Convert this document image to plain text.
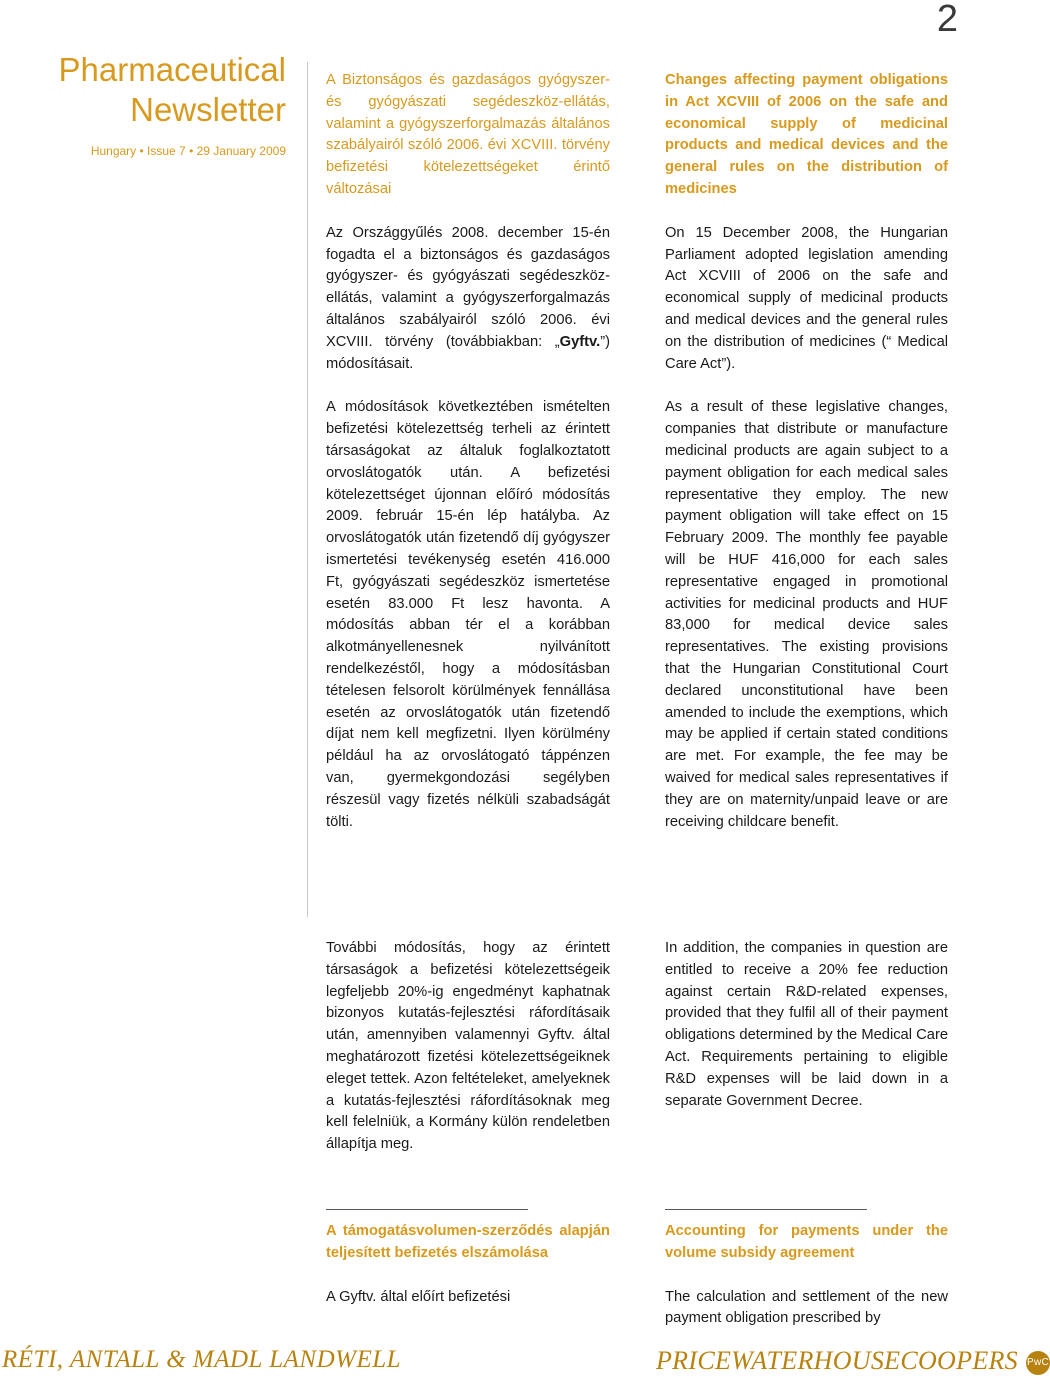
2
Pharmaceutical
Newsletter
Hungary • Issue 7 • 29 January 2009

A Biztonságos és gazdaságos gyógyszer- és gyógyászati segédeszköz-ellátás, valamint a gyógyszerforgalmazás általános szabályairól szóló 2006. évi XCVIII. törvény befizetési kötelezettségeket érintő változásai

Az Országgyűlés 2008. december 15-én fogadta el a biztonságos és gazdaságos gyógyszer- és gyógyászati segédeszköz-ellátás, valamint a gyógyszerforgalmazás általános szabályairól szóló 2006. évi XCVIII. törvény (továbbiakban: „Gyftv.”) módosításait.

A módosítások következtében ismételten befizetési kötelezettség terheli az érintett társaságokat az általuk foglalkoztatott orvoslátogatók után. A befizetési kötelezettséget újonnan előíró módosítás 2009. február 15-én lép hatályba. Az orvoslátogatók után fizetendő díj gyógyszer ismertetési tevékenység esetén 416.000 Ft, gyógyászati segédeszköz ismertetése esetén 83.000 Ft lesz havonta. A módosítás abban tér el a korábban alkotmányellenesnek nyilvánított rendelkezéstől, hogy a módosításban tételesen felsorolt körülmények fennállása esetén az orvoslátogatók után fizetendő díjat nem kell megfizetni. Ilyen körülmény például ha az orvoslátogató táppénzen van, gyermekgondozási segélyben részesül vagy fizetés nélküli szabadságát tölti.

További módosítás, hogy az érintett társaságok a befizetési kötelezettségeik legfeljebb 20%-ig engedményt kaphatnak bizonyos kutatás-fejlesztési ráfordításaik után, amennyiben valamennyi Gyftv. által meghatározott fizetési kötelezettségeiknek eleget tettek. Azon feltételeket, amelyeknek a kutatás-fejlesztési ráfordításoknak meg kell felelniük, a Kormány külön rendeletben állapítja meg.

A támogatásvolumen-szerződés alapján teljesített befizetés elszámolása

A Gyftv. által előírt befizetési

Changes affecting payment obligations in Act XCVIII of 2006 on the safe and economical supply of medicinal products and medical devices and the general rules on the distribution of medicines

On 15 December 2008, the Hungarian Parliament adopted legislation amending Act XCVIII of 2006 on the safe and economical supply of medicinal products and medical devices and the general rules on the distribution of medicines (“ Medical Care Act”).

As a result of these legislative changes, companies that distribute or manufacture medicinal products are again subject to a payment obligation for each medical sales representative they employ. The new payment obligation will take effect on 15 February 2009. The monthly fee payable will be HUF 416,000 for each sales representative engaged in promotional activities for medicinal products and HUF 83,000 for medical device sales representatives. The existing provisions that the Hungarian Constitutional Court declared unconstitutional have been amended to include the exemptions, which may be applied if certain stated conditions are met. For example, the fee may be waived for medical sales representatives if they are on maternity/unpaid leave or are receiving childcare benefit.

In addition, the companies in question are entitled to receive a 20% fee reduction against certain R&D-related expenses, provided that they fulfil all of their payment obligations determined by the Medical Care Act. Requirements pertaining to eligible R&D expenses will be laid down in a separate Government Decree.

Accounting for payments under the volume subsidy agreement

The calculation and settlement of the new payment obligation prescribed by

RÉTI, ANTALL & MADL LANDWELL	PRICEWATERHOUSECOOPERS PwC
